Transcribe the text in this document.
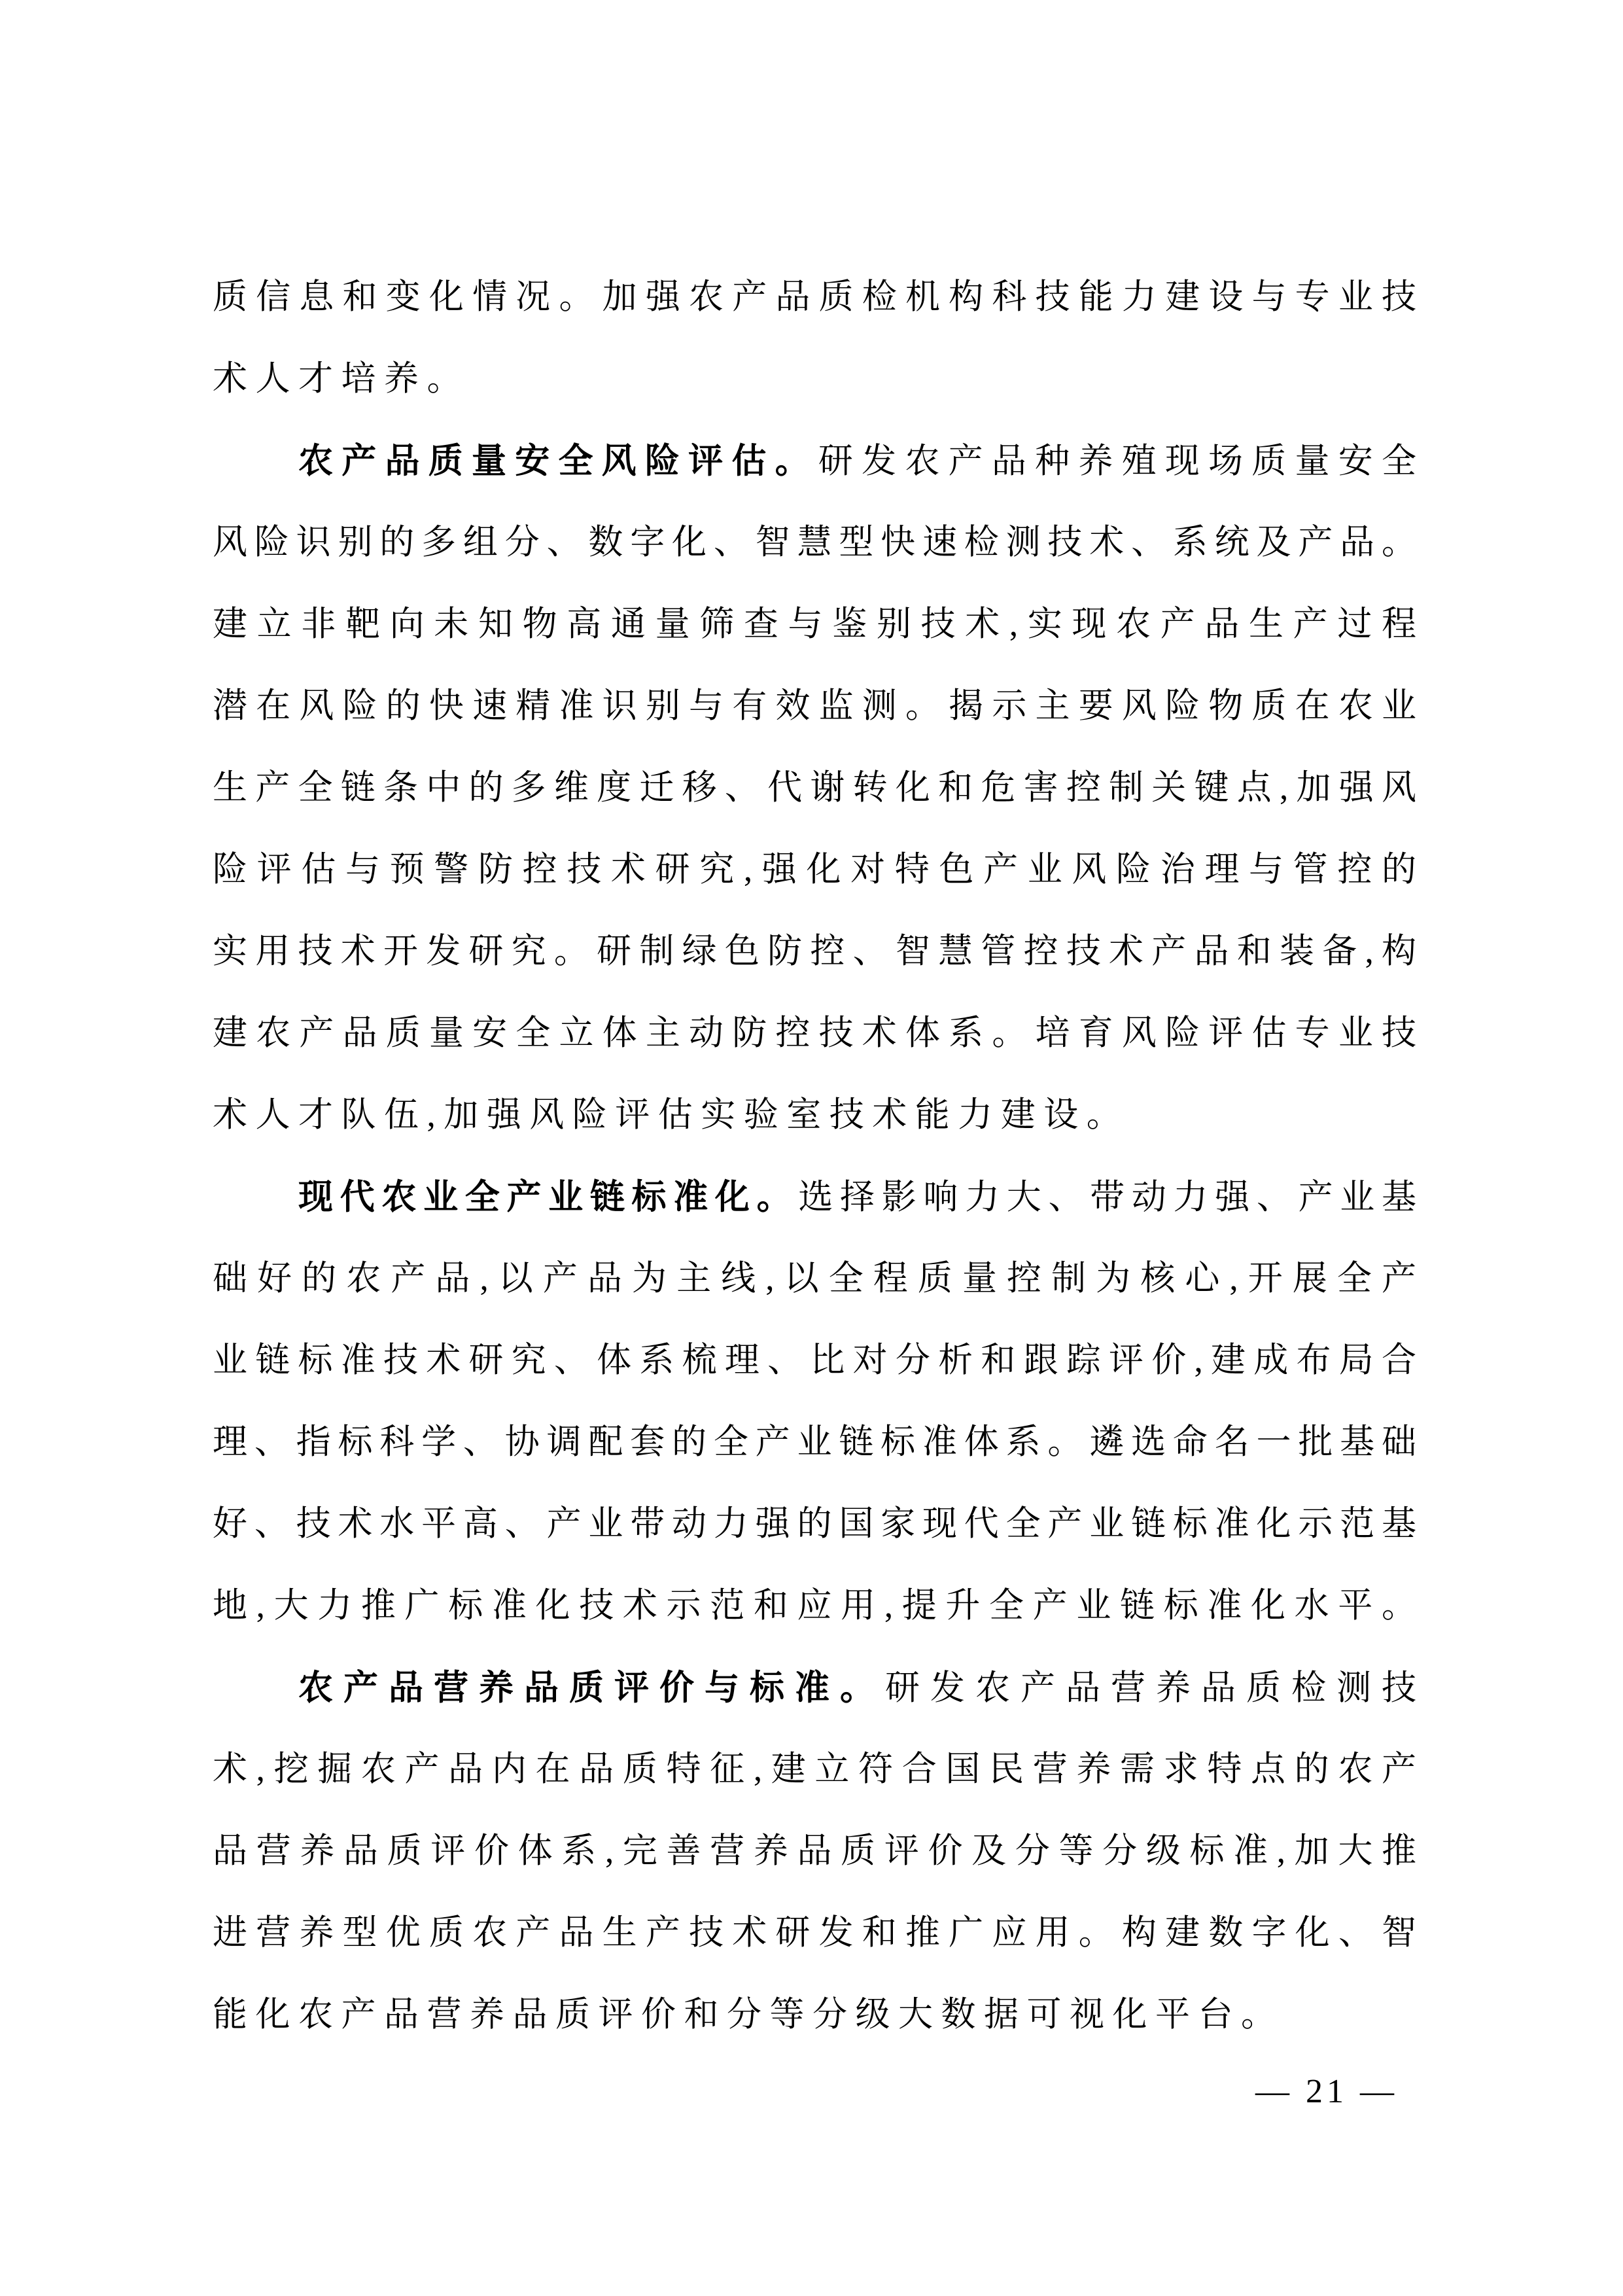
质信息和变化情况。加强农产品质检机构科技能力建设与专业技
术人才培养。
农产品质量安全风险评估。研发农产品种养殖现场质量安全
风险识别的多组分、数字化、智慧型快速检测技术、系统及产品。
建立非靶向未知物高通量筛查与鉴别技术,实现农产品生产过程
潜在风险的快速精准识别与有效监测。揭示主要风险物质在农业
生产全链条中的多维度迁移、代谢转化和危害控制关键点,加强风
险评估与预警防控技术研究,强化对特色产业风险治理与管控的
实用技术开发研究。研制绿色防控、智慧管控技术产品和装备,构
建农产品质量安全立体主动防控技术体系。培育风险评估专业技
术人才队伍,加强风险评估实验室技术能力建设。
现代农业全产业链标准化。选择影响力大、带动力强、产业基
础好的农产品,以产品为主线,以全程质量控制为核心,开展全产
业链标准技术研究、体系梳理、比对分析和跟踪评价,建成布局合
理、指标科学、协调配套的全产业链标准体系。遴选命名一批基础
好、技术水平高、产业带动力强的国家现代全产业链标准化示范基
地,大力推广标准化技术示范和应用,提升全产业链标准化水平。
农产品营养品质评价与标准。研发农产品营养品质检测技
术,挖掘农产品内在品质特征,建立符合国民营养需求特点的农产
品营养品质评价体系,完善营养品质评价及分等分级标准,加大推
进营养型优质农产品生产技术研发和推广应用。构建数字化、智
能化农产品营养品质评价和分等分级大数据可视化平台。
— 21 —
